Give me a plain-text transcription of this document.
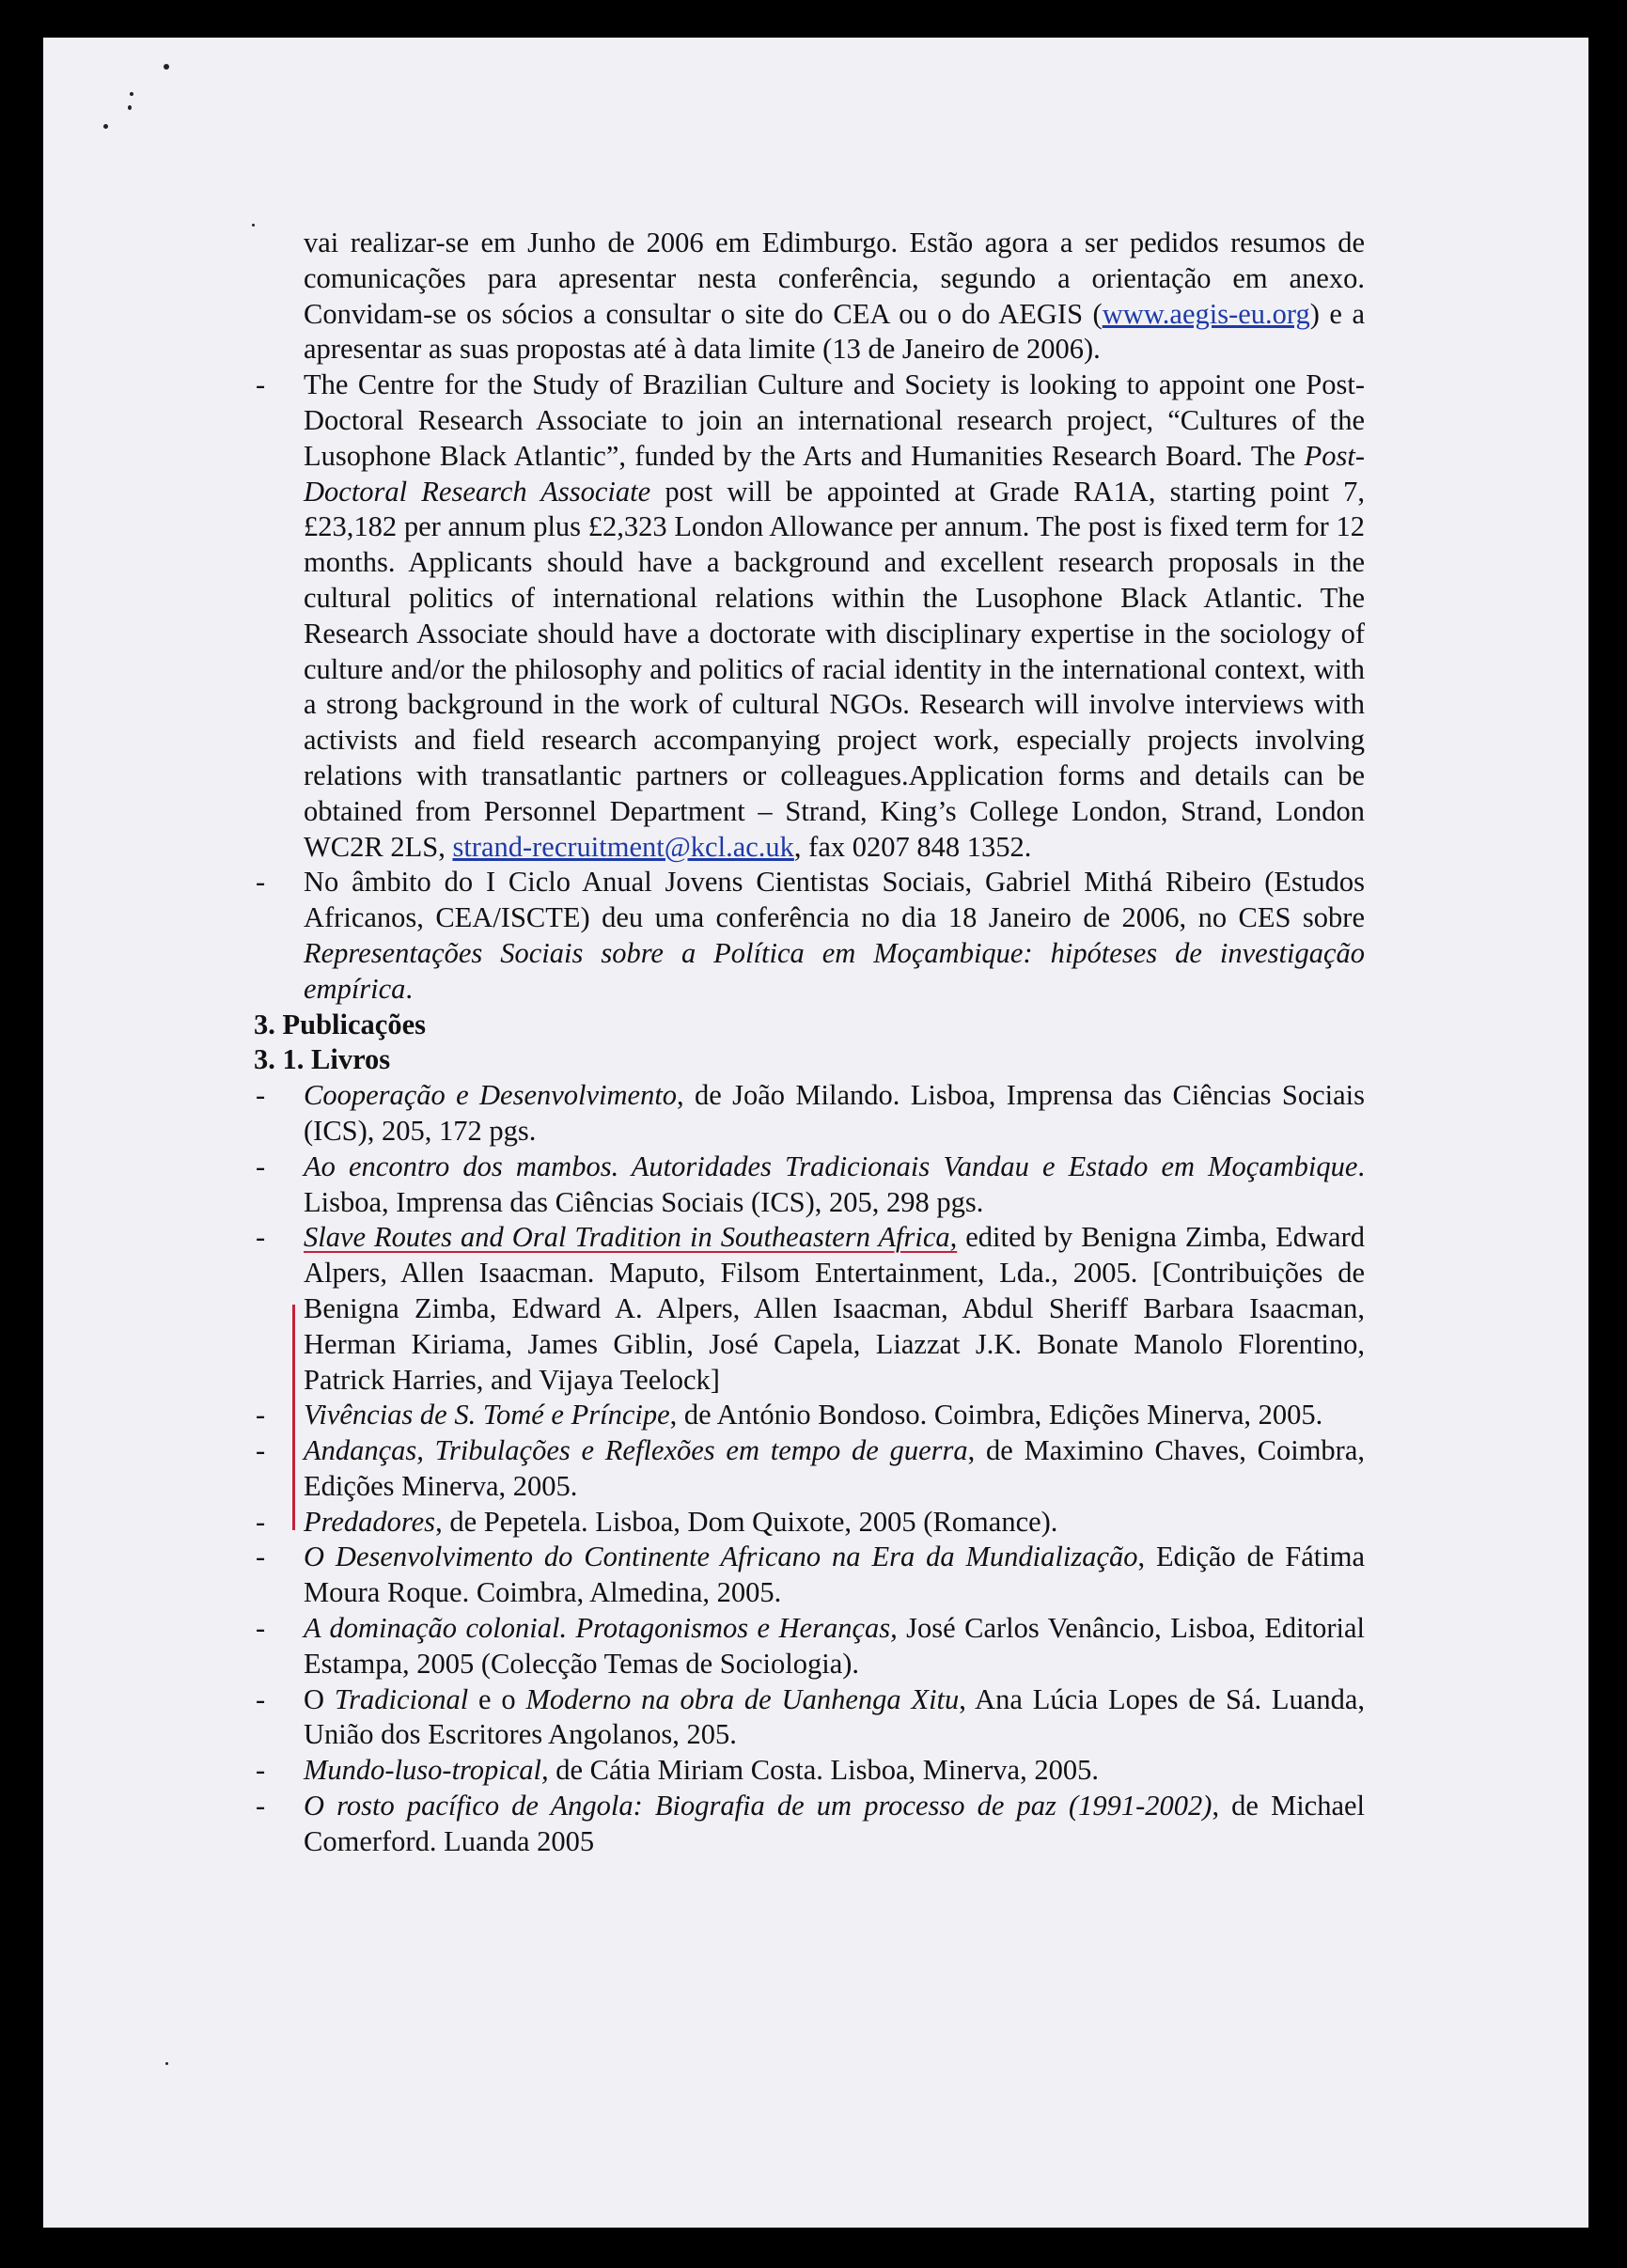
vai realizar-se em Junho de 2006 em Edimburgo. Estão agora a ser pedidos resumos de comunicações para apresentar nesta conferência, segundo a orientação em anexo. Convidam-se os sócios a consultar o site do CEA ou o do AEGIS (www.aegis-eu.org) e a apresentar as suas propostas até à data limite (13 de Janeiro de 2006).

- The Centre for the Study of Brazilian Culture and Society is looking to appoint one Post-Doctoral Research Associate to join an international research project, “Cultures of the Lusophone Black Atlantic”, funded by the Arts and Humanities Research Board. The Post-Doctoral Research Associate post will be appointed at Grade RA1A, starting point 7, £23,182 per annum plus £2,323 London Allowance per annum. The post is fixed term for 12 months. Applicants should have a background and excellent research proposals in the cultural politics of international relations within the Lusophone Black Atlantic. The Research Associate should have a doctorate with disciplinary expertise in the sociology of culture and/or the philosophy and politics of racial identity in the international context, with a strong background in the work of cultural NGOs. Research will involve interviews with activists and field research accompanying project work, especially projects involving relations with transatlantic partners or colleagues.Application forms and details can be obtained from Personnel Department – Strand, King’s College London, Strand, London WC2R 2LS, strand-recruitment@kcl.ac.uk, fax 0207 848 1352.

- No âmbito do I Ciclo Anual Jovens Cientistas Sociais, Gabriel Mithá Ribeiro (Estudos Africanos, CEA/ISCTE) deu uma conferência no dia 18 Janeiro de 2006, no CES sobre Representações Sociais sobre a Política em Moçambique: hipóteses de investigação empírica.

3. Publicações

3. 1. Livros

- Cooperação e Desenvolvimento, de João Milando. Lisboa, Imprensa das Ciências Sociais (ICS), 205, 172 pgs.

- Ao encontro dos mambos. Autoridades Tradicionais Vandau e Estado em Moçambique. Lisboa, Imprensa das Ciências Sociais (ICS), 205, 298 pgs.

- Slave Routes and Oral Tradition in Southeastern Africa, edited by Benigna Zimba, Edward Alpers, Allen Isaacman. Maputo, Filsom Entertainment, Lda., 2005. [Contribuições de Benigna Zimba, Edward A. Alpers, Allen Isaacman, Abdul Sheriff Barbara Isaacman, Herman Kiriama, James Giblin, José Capela, Liazzat J.K. Bonate Manolo Florentino, Patrick Harries, and Vijaya Teelock]

- Vivências de S. Tomé e Príncipe, de António Bondoso. Coimbra, Edições Minerva, 2005.

- Andanças, Tribulações e Reflexões em tempo de guerra, de Maximino Chaves, Coimbra, Edições Minerva, 2005.

- Predadores, de Pepetela. Lisboa, Dom Quixote, 2005 (Romance).

- O Desenvolvimento do Continente Africano na Era da Mundialização, Edição de Fátima Moura Roque. Coimbra, Almedina, 2005.

- A dominação colonial. Protagonismos e Heranças, José Carlos Venâncio, Lisboa, Editorial Estampa, 2005 (Colecção Temas de Sociologia).

- O Tradicional e o Moderno na obra de Uanhenga Xitu, Ana Lúcia Lopes de Sá. Luanda, União dos Escritores Angolanos, 205.

- Mundo-luso-tropical, de Cátia Miriam Costa. Lisboa, Minerva, 2005.

- O rosto pacífico de Angola: Biografia de um processo de paz (1991-2002), de Michael Comerford. Luanda 2005
